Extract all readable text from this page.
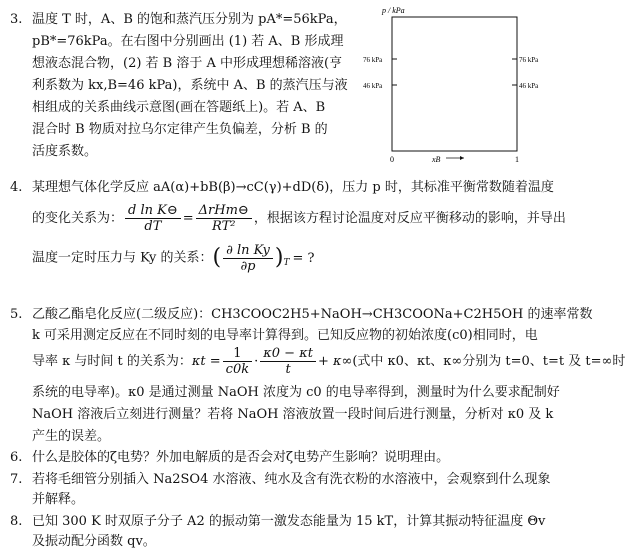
3. 温度 T 时，A、B 的饱和蒸汽压分别为 pA*=56kPa，
pB*=76kPa。在右图中分别画出 (1) 若 A、B 形成理
想液态混合物，(2) 若 B 溶于 A 中形成理想稀溶液(亨
利系数为 kx,B=46 kPa)，系统中 A、B 的蒸汽压与液
相组成的关系曲线示意图(画在答题纸上)。若 A、B
混合时 B 物质对拉乌尔定律产生负偏差，分析 B 的
活度系数。
p / kPa
76 kPa
46 kPa
76 kPa
46 kPa
0	1
xB
4. 某理想气体化学反应 aA(α)+bB(β)→cC(γ)+dD(δ)，压力 p 时，其标准平衡常数随着温度
的变化关系为： $\frac{\text{d ln K⊖}}{dT} = \frac{\text{ΔrHm⊖}}{\text{RT²}}$ ，根据该方程讨论温度对反应平衡移动的影响，并导出
温度一定时压力与 Ky 的关系：( $\frac{\text{∂ ln Ky}}{\partial p} )_T$ = ?
5. 乙酸乙酯皂化反应(二级反应)：CH3COOC2H5+NaOH→CH3COONa+C2H5OH 的速率常数
k 可采用测定反应在不同时刻的电导率计算得到。已知反应物的初始浓度(c0)相同时，电
导率 κ 与时间 t 的关系为：$\kappa t = \frac{1}{c0k} \cdot \frac{\kappa 0 - \kappa t}{t} + \kappa\infty$(式中 κ0、κt、κ∞分别为 t=0、t=t 及 t=∞时
系统的电导率)。κ0 是通过测量 NaOH 浓度为 c0 的电导率得到，测量时为什么要求配制好
NaOH 溶液后立刻进行测量？若将 NaOH 溶液放置一段时间后进行测量，分析对 κ0 及 k
产生的误差。
6. 什么是胶体的ζ电势？外加电解质的是否会对ζ电势产生影响？说明理由。
7. 若将毛细管分别插入 Na2SO4 水溶液、纯水及含有洗衣粉的水溶液中，会观察到什么现象
并解释。
8. 已知 300 K 时双原子分子 A2 的振动第一激发态能量为 15 kT，计算其振动特征温度 Θv
及振动配分函数 qv。
